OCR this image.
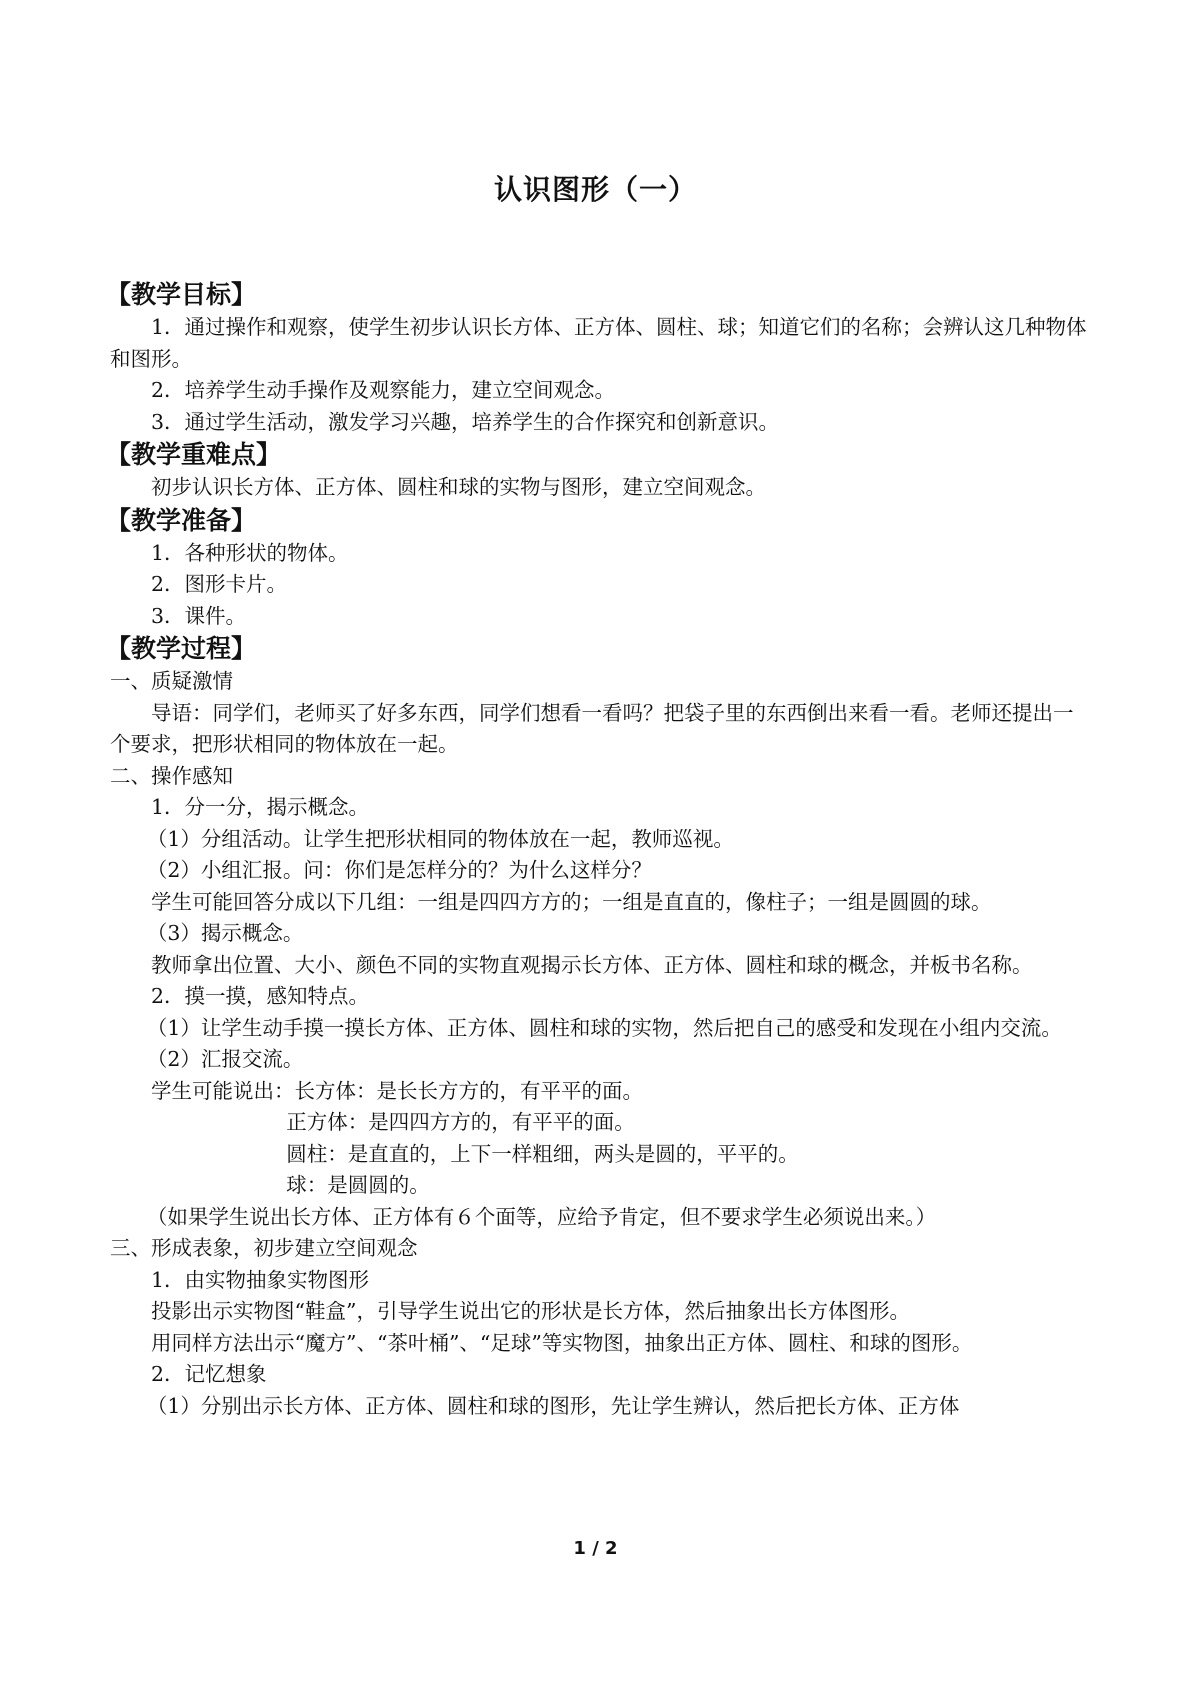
认识图形（一）
【教学目标】

1．通过操作和观察，使学生初步认识长方体、正方体、圆柱、球；知道它们的名称；会辨认这几种物体和图形。

2．培养学生动手操作及观察能力，建立空间观念。

3．通过学生活动，激发学习兴趣，培养学生的合作探究和创新意识。

【教学重难点】

初步认识长方体、正方体、圆柱和球的实物与图形，建立空间观念。

【教学准备】

1．各种形状的物体。

2．图形卡片。

3．课件。

【教学过程】

一、质疑激情

导语：同学们，老师买了好多东西，同学们想看一看吗？把袋子里的东西倒出来看一看。老师还提出一个要求，把形状相同的物体放在一起。

二、操作感知

1．分一分，揭示概念。

（1）分组活动。让学生把形状相同的物体放在一起，教师巡视。

（2）小组汇报。问：你们是怎样分的？为什么这样分？

学生可能回答分成以下几组：一组是四四方方的；一组是直直的，像柱子；一组是圆圆的球。

（3）揭示概念。

教师拿出位置、大小、颜色不同的实物直观揭示长方体、正方体、圆柱和球的概念，并板书名称。

2．摸一摸，感知特点。

（1）让学生动手摸一摸长方体、正方体、圆柱和球的实物，然后把自己的感受和发现在小组内交流。

（2）汇报交流。

学生可能说出：长方体：是长长方方的，有平平的面。

正方体：是四四方方的，有平平的面。

圆柱：是直直的，上下一样粗细，两头是圆的，平平的。

球：是圆圆的。

（如果学生说出长方体、正方体有６个面等，应给予肯定，但不要求学生必须说出来。）

三、形成表象，初步建立空间观念

1．由实物抽象实物图形

投影出示实物图“鞋盒”，引导学生说出它的形状是长方体，然后抽象出长方体图形。

用同样方法出示“魔方”、“茶叶桶”、“足球”等实物图，抽象出正方体、圆柱、和球的图形。

2．记忆想象

（1）分别出示长方体、正方体、圆柱和球的图形，先让学生辨认，然后把长方体、正方体

1 / 2
